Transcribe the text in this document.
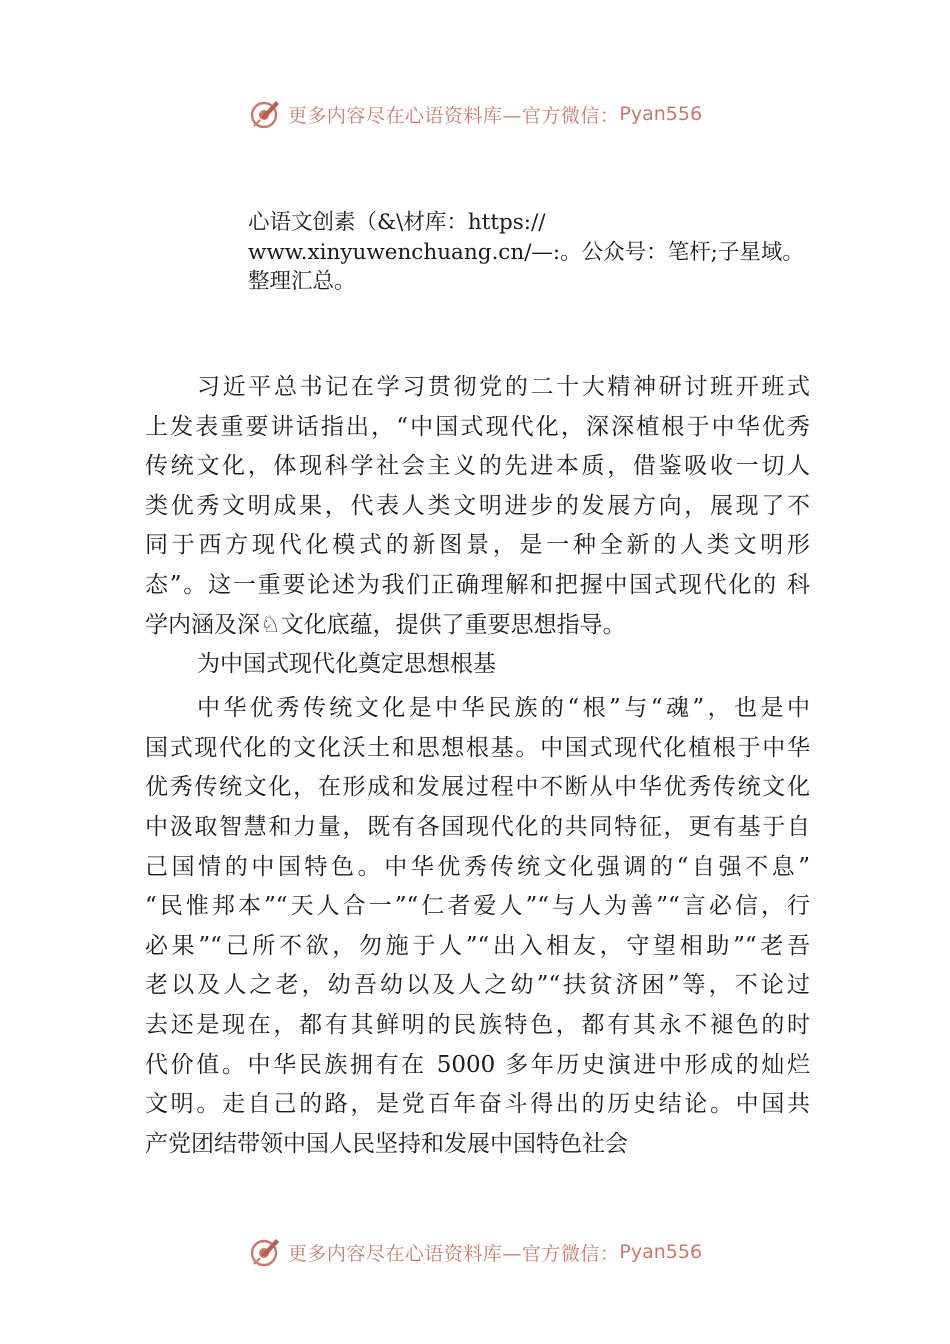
更多内容尽在心语资料库—官方微信： Pyan556
心语文创素（&\材库：https://
www.xinyuwenchuang.cn/—:。公众号：笔杆;子星域。
整理汇总。
习近平总书记在学习贯彻党的二十大精神研讨班开班式
上发表重要讲话指出，“中国式现代化，深深植根于中华优秀
传统文化，体现科学社会主义的先进本质，借鉴吸收一切人
类优秀文明成果，代表人类文明进步的发展方向，展现了不
同于西方现代化模式的新图景，是一种全新的人类文明形
态”。这一重要论述为我们正确理解和把握中国式现代化的 科
学内涵及深♘文化底蕴，提供了重要思想指导。
为中国式现代化奠定思想根基
中华优秀传统文化是中华民族的“根”与“魂”，也是中
国式现代化的文化沃土和思想根基。中国式现代化植根于中华
优秀传统文化，在形成和发展过程中不断从中华优秀传统文化
中汲取智慧和力量，既有各国现代化的共同特征，更有基于自
己国情的中国特色。中华优秀传统文化强调的“自强不息”
“民惟邦本”“天人合一”“仁者爱人”“与人为善”“言必信，行
必果”“己所不欲，勿施于人”“出入相友，守望相助”“老吾
老以及人之老，幼吾幼以及人之幼”“扶贫济困”等，不论过
去还是现在，都有其鲜明的民族特色，都有其永不褪色的时
代价值。中华民族拥有在 5000 多年历史演进中形成的灿烂
文明。走自己的路，是党百年奋斗得出的历史结论。中国共
产党团结带领中国人民坚持和发展中国特色社会
更多内容尽在心语资料库—官方微信： Pyan556
